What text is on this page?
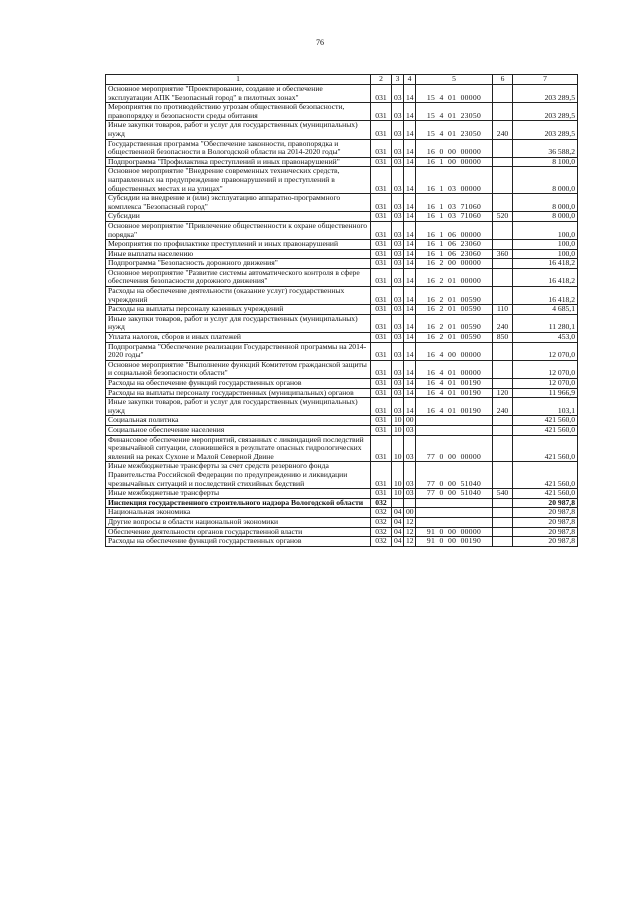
76
1	2	3	4	5	6	7
Основное мероприятие "Проектирование, создание и обеспечение эксплуатации АПК "Безопасный город" в пилотных зонах"	031	03	14	15  4  01  00000		203 289,5
Мероприятия по противодействию угрозам общественной безопасности, правопорядку и безопасности среды обитания	031	03	14	15  4  01  23050		203 289,5
Иные закупки товаров, работ и услуг для государственных (муниципальных) нужд	031	03	14	15  4  01  23050	240	203 289,5
Государственная программа "Обеспечение законности, правопорядка и общественной безопасности в Вологодской области на 2014-2020 годы"	031	03	14	16  0  00  00000		36 588,2
Подпрограмма "Профилактика преступлений и иных правонарушений"	031	03	14	16  1  00  00000		8 100,0
Основное мероприятие "Внедрение современных технических средств, направленных на предупреждение правонарушений и преступлений в общественных местах и на улицах"	031	03	14	16  1  03  00000		8 000,0
Субсидии на внедрение и (или) эксплуатацию аппаратно-программного комплекса "Безопасный город"	031	03	14	16  1  03  71060		8 000,0
Субсидии	031	03	14	16  1  03  71060	520	8 000,0
Основное мероприятие "Привлечение общественности к охране общественного порядка"	031	03	14	16  1  06  00000		100,0
Мероприятия по профилактике преступлений и иных правонарушений	031	03	14	16  1  06  23060		100,0
Иные выплаты населению	031	03	14	16  1  06  23060	360	100,0
Подпрограмма "Безопасность дорожного движения"	031	03	14	16  2  00  00000		16 418,2
Основное мероприятие "Развитие системы автоматического контроля в сфере обеспечения безопасности дорожного движения"	031	03	14	16  2  01  00000		16 418,2
Расходы на обеспечение деятельности (оказание услуг) государственных учреждений	031	03	14	16  2  01  00590		16 418,2
Расходы на выплаты персоналу казенных учреждений	031	03	14	16  2  01  00590	110	4 685,1
Иные закупки товаров, работ и услуг для государственных (муниципальных) нужд	031	03	14	16  2  01  00590	240	11 280,1
Уплата налогов, сборов и иных платежей	031	03	14	16  2  01  00590	850	453,0
Подпрограмма "Обеспечение реализации Государственной программы на 2014-2020 годы"	031	03	14	16  4  00  00000		12 070,0
Основное мероприятие "Выполнение функций Комитетом гражданской защиты и социальной безопасности области"	031	03	14	16  4  01  00000		12 070,0
Расходы на обеспечение функций государственных органов	031	03	14	16  4  01  00190		12 070,0
Расходы на выплаты персоналу государственных (муниципальных) органов	031	03	14	16  4  01  00190	120	11 966,9
Иные закупки товаров, работ и услуг для государственных (муниципальных) нужд	031	03	14	16  4  01  00190	240	103,1
Социальная политика	031	10	00			421 560,0
Социальное обеспечение населения	031	10	03			421 560,0
Финансовое обеспечение мероприятий, связанных с ликвидацией последствий чрезвычайной ситуации, сложившейся в результате опасных гидрологических явлений на реках Сухоне и Малой Северной Двине	031	10	03	77  0  00  00000		421 560,0
Иные межбюджетные трансферты за счет средств резервного фонда Правительства Российской Федерации по предупреждению и ликвидации чрезвычайных ситуаций и последствий стихийных бедствий	031	10	03	77  0  00  51040		421 560,0
Иные межбюджетные трансферты	031	10	03	77  0  00  51040	540	421 560,0
Инспекция государственного строительного надзора Вологодской области	032					20 987,8
Национальная экономика	032	04	00			20 987,8
Другие вопросы в области национальной экономики	032	04	12			20 987,8
Обеспечение деятельности органов государственной власти	032	04	12	91  0  00  00000		20 987,8
Расходы на обеспечение функций государственных органов	032	04	12	91  0  00  00190		20 987,8
